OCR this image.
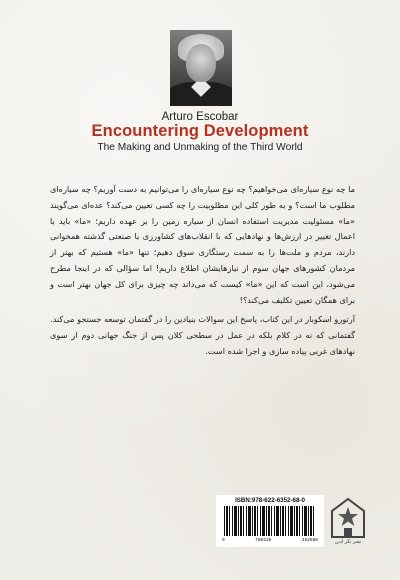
Arturo Escobar
Encountering Development
The Making and Unmaking of the Third World

ما چه نوع سیاره‌ای می‌خواهیم؟ چه نوع سیاره‌ای را می‌توانیم به دست آوریم؟ چه سیاره‌ای مطلوب ما است؟ و به طور کلی این مطلوبیت را چه کسی تعیین می‌کند؟ عده‌ای می‌گویند «ما» مسئولیت مدیریت استفاده انسان از سیاره زمین را بر عهده داریم؛ «ما» باید با اعمال تغییر در ارزش‌ها و نهادهایی که با انقلاب‌های کشاورزی یا صنعتی گذشته همخوانی دارند، مردم و ملت‌ها را به سمت رستگاری سوق دهیم؛ تنها «ما» هستیم که بهتر از مردمان کشورهای جهان سوم از نیازهایشان اطلاع داریم! اما سؤالی که در اینجا مطرح می‌شود، این است که این «ما» کیست که می‌داند چه چیزی برای کل جهان بهتر است و برای همگان تعیین تکلیف می‌کند؟!

آرتورو اسکوبار در این کتاب، پاسخ این سوالات بنیادین را در گفتمان توسعه جستجو می‌کند. گفتمانی که نه در کلام بلکه در عمل در سطحی کلان پس از جنگ جهانی دوم از سوی نهادهای غربی پیاده سازی و اجرا شده است.

ISBN:978-622-6352-68-0
9	786226	352680	نشر نگر آذین
